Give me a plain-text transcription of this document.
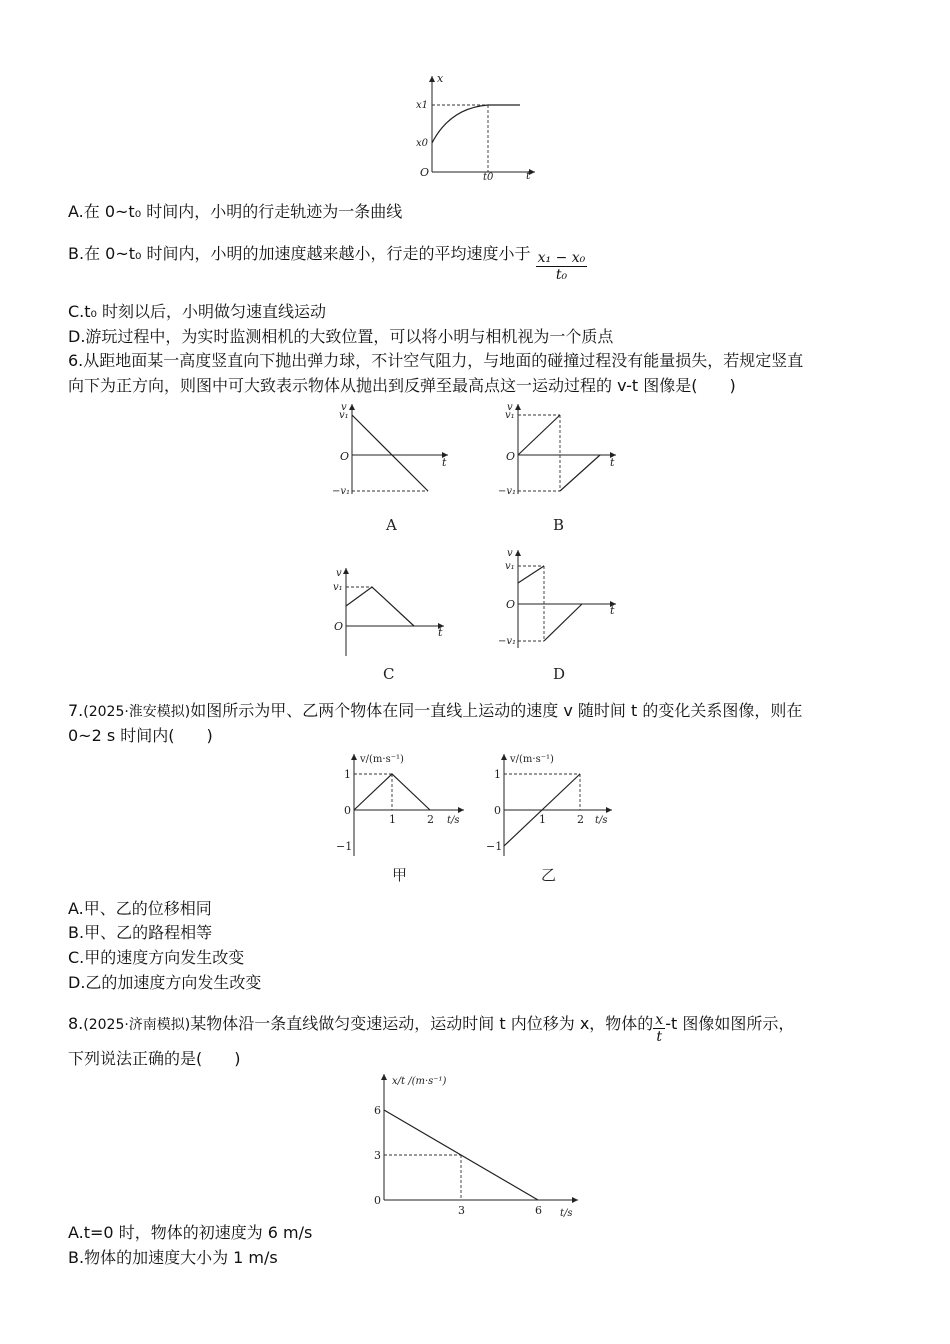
x
x1
x0
O	t0	t
A.在 0~t₀ 时间内，小明的行走轨迹为一条曲线
B.在 0~t₀ 时间内，小明的加速度越来越小，行走的平均速度小于 $\frac{\text{x₁ − x₀}}{\text{t₀}}$
C.t₀ 时刻以后，小明做匀速直线运动
D.游玩过程中，为实时监测相机的大致位置，可以将小明与相机视为一个质点
6.从距地面某一高度竖直向下抛出弹力球，不计空气阻力，与地面的碰撞过程没有能量损失，若规定竖直
向下为正方向，则图中可大致表示物体从抛出到反弹至最高点这一运动过程的 v-t 图像是(　　)
v
v₁
O
−v₁
t
A
v
v₁
O
−v₁
t
B
v
v₁
O	t
C
v
v₁
O
−v₁
t
D
7.(2025·淮安模拟)如图所示为甲、乙两个物体在同一直线上运动的速度 v 随时间 t 的变化关系图像，则在
0~2 s 时间内(　　)
v/(m·s⁻¹)
1
0
−1
1	2 t/s
甲
v/(m·s⁻¹)
1
0
−1
1	2 t/s
乙
A.甲、乙的位移相同
B.甲、乙的路程相等
C.甲的速度方向发生改变
D.乙的加速度方向发生改变
8.(2025·济南模拟)某物体沿一条直线做匀变速运动，运动时间 t 内位移为 x，物体的 $\frac{x}{t} -t$ 图像如图所示，
下列说法正确的是(　　)
x/t /(m·s⁻¹)
6
3
0
3	6 t/s
A.t=0 时，物体的初速度为 6 m/s
B.物体的加速度大小为 1 m/s
